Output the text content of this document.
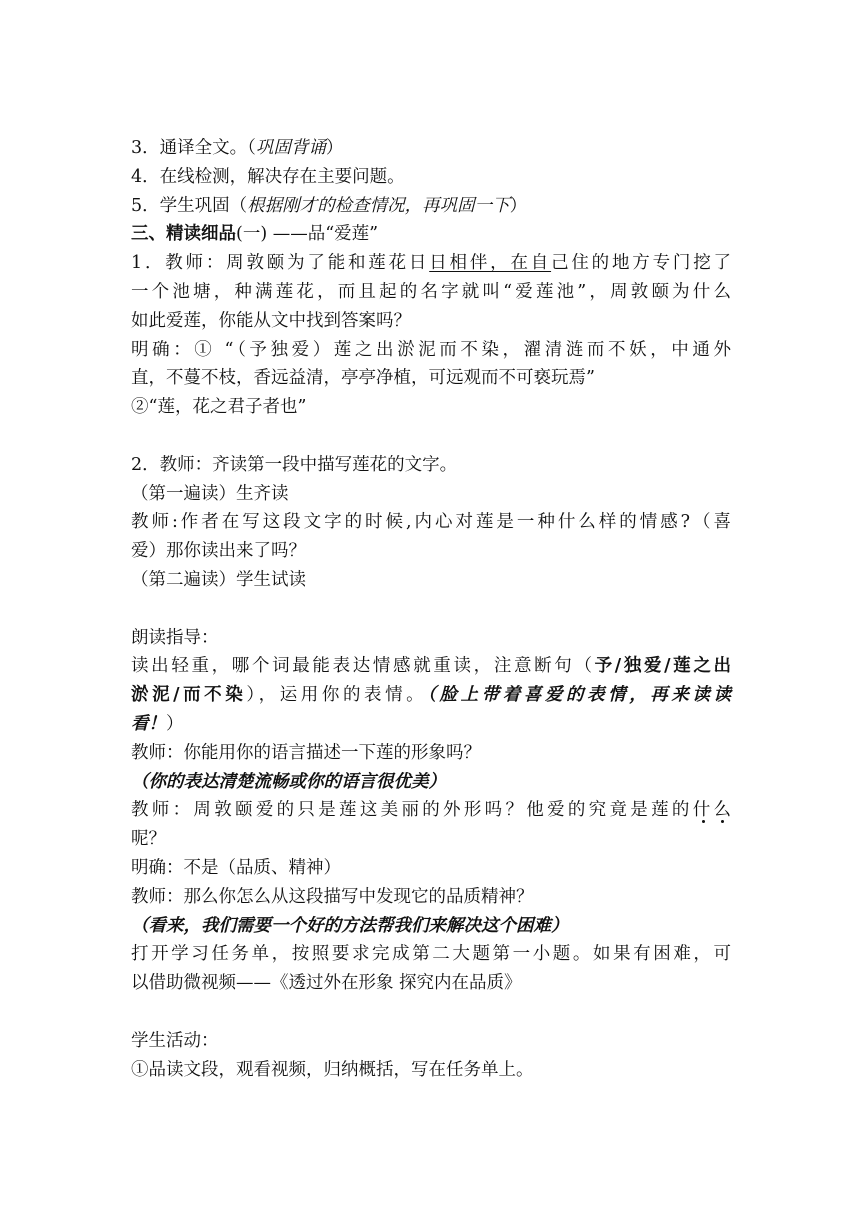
3．通译全文。（巩固背诵）
4．在线检测，解决存在主要问题。
5．学生巩固（根据刚才的检查情况，再巩固一下）
三、精读细品(一) ——品“爱莲”
1．教师：周敦颐为了能和莲花日日相伴，在自己住的地方专门挖了
一个池塘，种满莲花，而且起的名字就叫“爱莲池”，周敦颐为什么
如此爱莲，你能从文中找到答案吗？
明确：① “（予独爱）莲之出淤泥而不染，濯清涟而不妖，中通外
直，不蔓不枝，香远益清，亭亭净植，可远观而不可亵玩焉”
②“莲，花之君子者也”
2．教师：齐读第一段中描写莲花的文字。
（第一遍读）生齐读
教师:作者在写这段文字的时候,内心对莲是一种什么样的情感?（喜
爱）那你读出来了吗？
（第二遍读）学生试读
朗读指导：
读出轻重，哪个词最能表达情感就重读，注意断句（予/独爱/莲之出
淤泥/而不染），运用你的表情。（脸上带着喜爱的表情，再来读读
看！）
教师：你能用你的语言描述一下莲的形象吗？
（你的表达清楚流畅或你的语言很优美）
教师：周敦颐爱的只是莲这美丽的外形吗？他爱的究竟是莲的什么
呢？
明确：不是（品质、精神）
教师：那么你怎么从这段描写中发现它的品质精神？
（看来，我们需要一个好的方法帮我们来解决这个困难）
打开学习任务单，按照要求完成第二大题第一小题。如果有困难，可
以借助微视频——《透过外在形象 探究内在品质》
学生活动：
①品读文段，观看视频，归纳概括，写在任务单上。
